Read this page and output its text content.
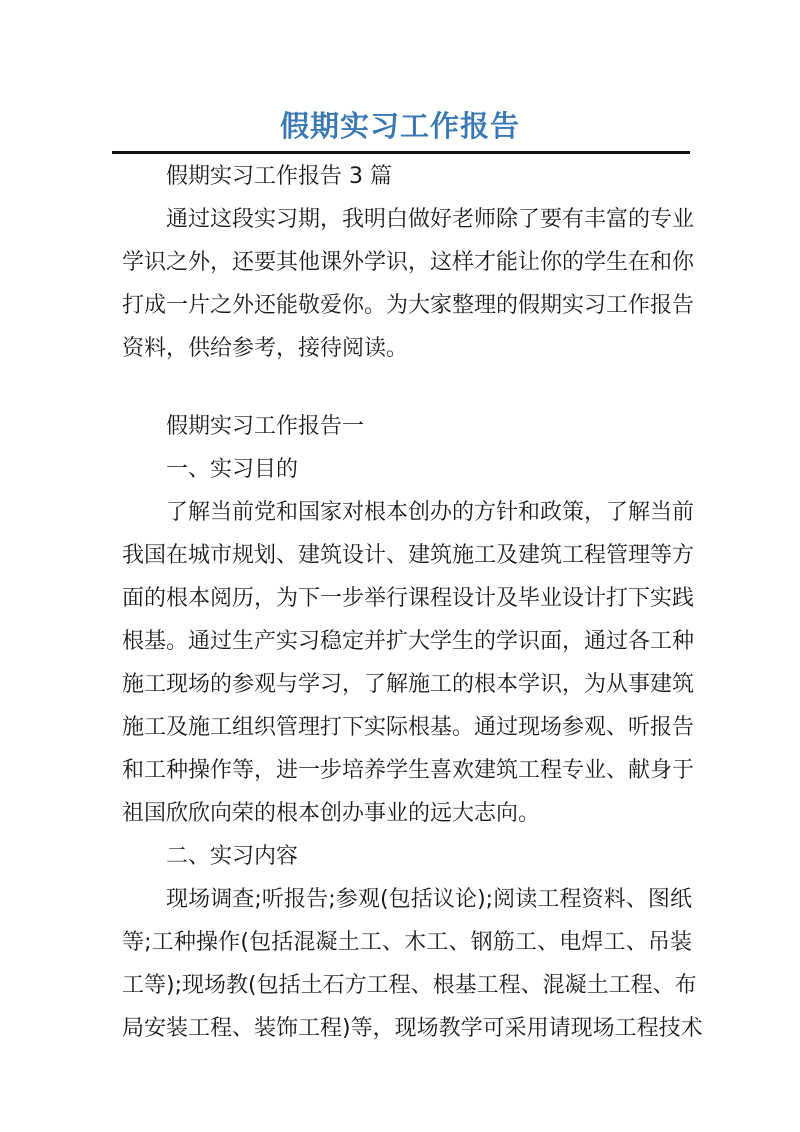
假期实习工作报告
假期实习工作报告 3 篇
通过这段实习期，我明白做好老师除了要有丰富的专业
学识之外，还要其他课外学识，这样才能让你的学生在和你
打成一片之外还能敬爱你。为大家整理的假期实习工作报告
资料，供给参考，接待阅读。
假期实习工作报告一
一、实习目的
了解当前党和国家对根本创办的方针和政策，了解当前
我国在城市规划、建筑设计、建筑施工及建筑工程管理等方
面的根本阅历，为下一步举行课程设计及毕业设计打下实践
根基。通过生产实习稳定并扩大学生的学识面，通过各工种
施工现场的参观与学习，了解施工的根本学识，为从事建筑
施工及施工组织管理打下实际根基。通过现场参观、听报告
和工种操作等，进一步培养学生喜欢建筑工程专业、献身于
祖国欣欣向荣的根本创办事业的远大志向。
二、实习内容
现场调查;听报告;参观(包括议论);阅读工程资料、图纸
等;工种操作(包括混凝土工、木工、钢筋工、电焊工、吊装
工等);现场教(包括土石方工程、根基工程、混凝土工程、布
局安装工程、装饰工程)等，现场教学可采用请现场工程技术
